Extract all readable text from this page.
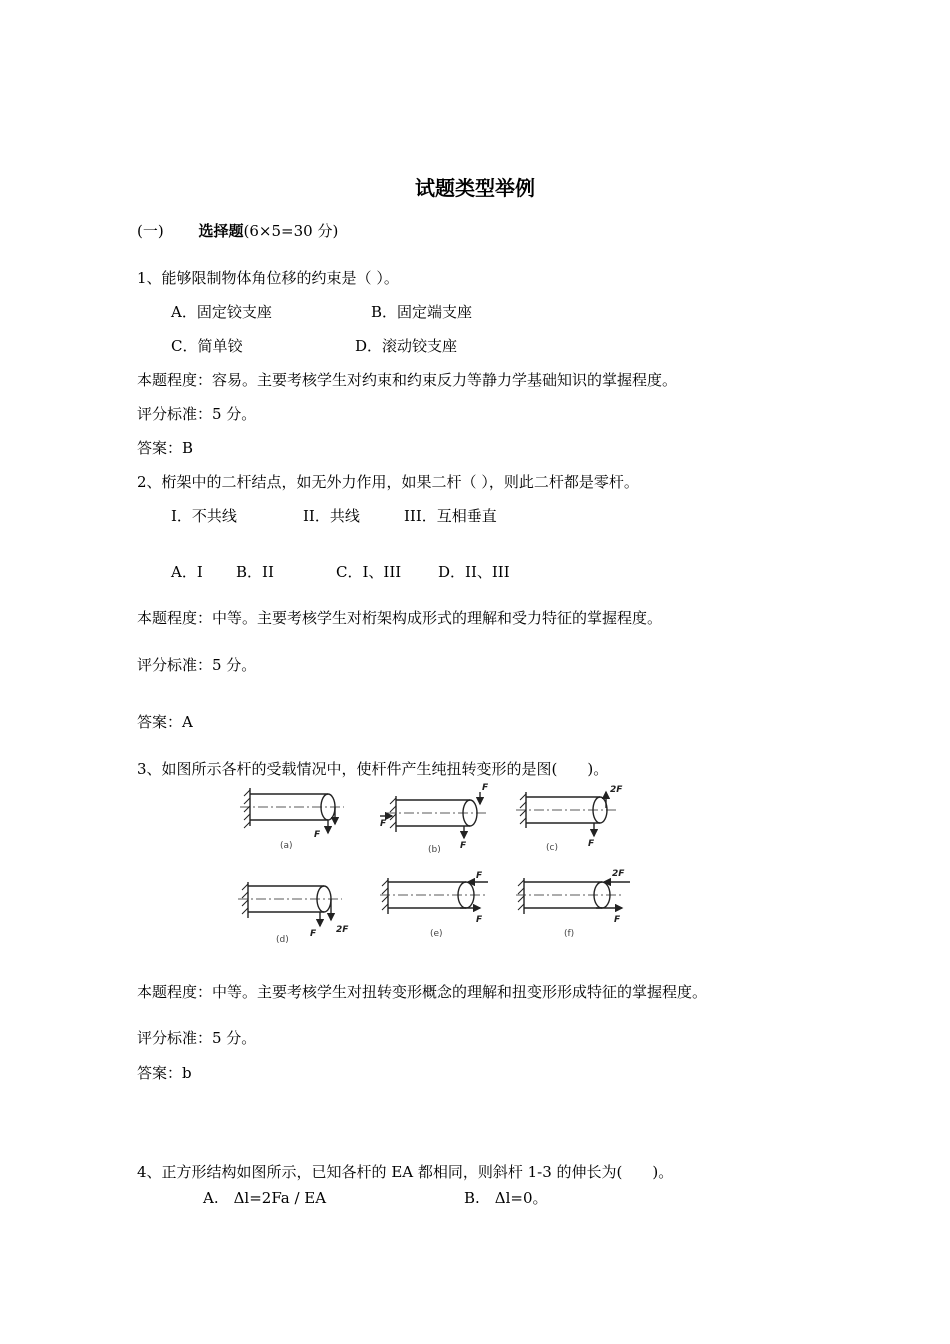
试题类型举例
(一) 选择题(6×5=30 分)
1、能够限制物体角位移的约束是（ ）。
A．固定铰支座	B．固定端支座
C．简单铰	D．滚动铰支座
本题程度：容易。主要考核学生对约束和约束反力等静力学基础知识的掌握程度。
评分标准：5 分。
答案：B
2、桁架中的二杆结点，如无外力作用，如果二杆（ ），则此二杆都是零杆。
I．不共线	II．共线	III．互相垂直
A．I B．II	C．I、III D．II、III
本题程度：中等。主要考核学生对桁架构成形式的理解和受力特征的掌握程度。
评分标准：5 分。
答案：A
3、如图所示各杆的受载情况中，使杆件产生纯扭转变形的是图(　　)。
F
(a)
F
F
F
(b)
2F
F
(c)
F 2F
(d)
F
F
(e)
2F
F
(f)
本题程度：中等。主要考核学生对扭转变形概念的理解和扭变形形成特征的掌握程度。
评分标准：5 分。
答案：b
4、正方形结构如图所示，已知各杆的 EA 都相同，则斜杆 1-3 的伸长为(　　)。
A.　Δl=2Fa / EA	B.　Δl=0。
